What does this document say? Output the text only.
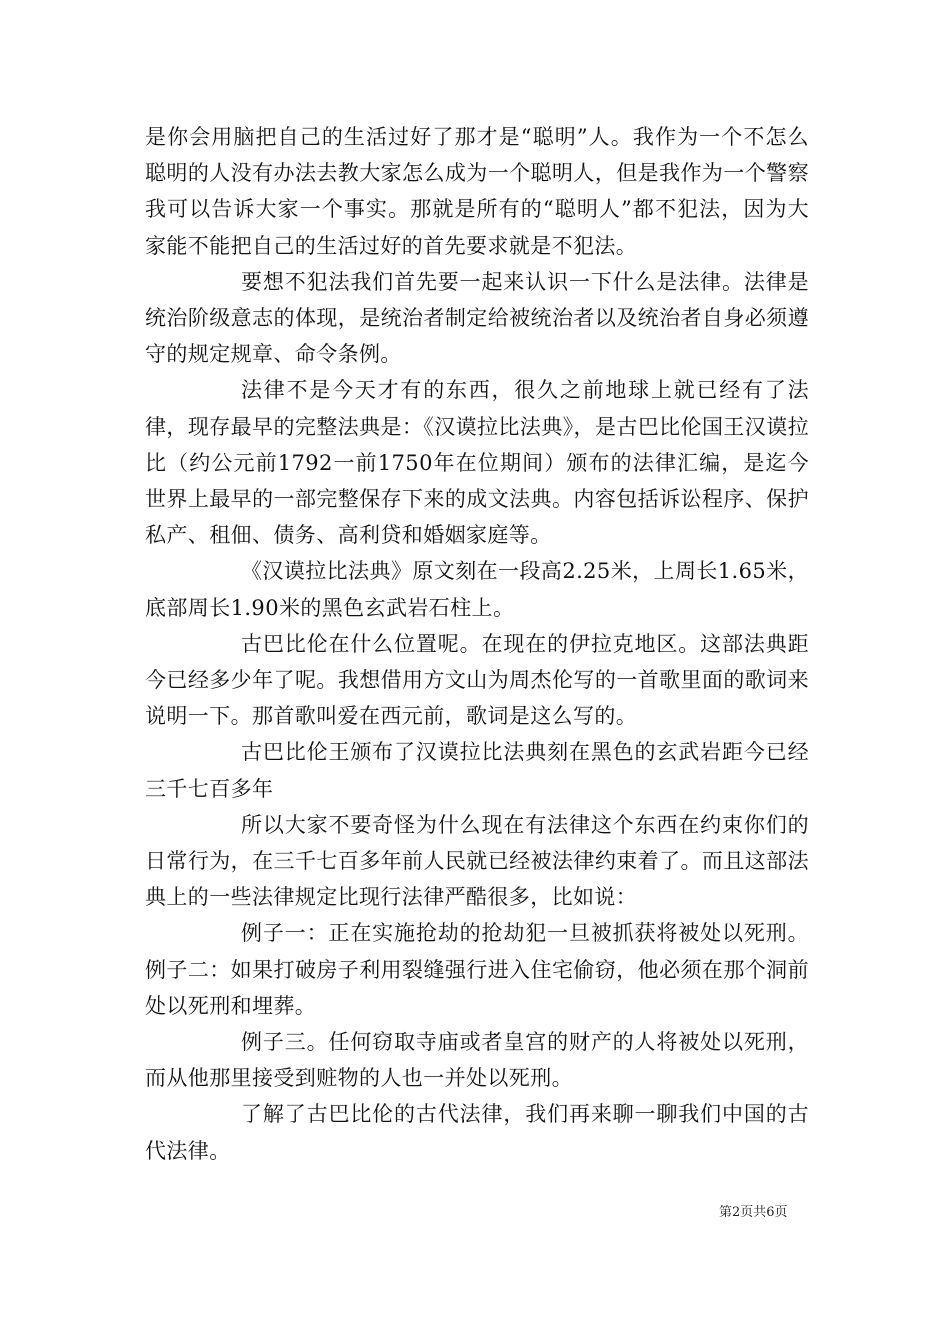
是你会用脑把自己的生活过好了那才是“聪明”人。我作为一个不怎么聪明的人没有办法去教大家怎么成为一个聪明人，但是我作为一个警察我可以告诉大家一个事实。那就是所有的“聪明人”都不犯法，因为大家能不能把自己的生活过好的首先要求就是不犯法。

要想不犯法我们首先要一起来认识一下什么是法律。法律是统治阶级意志的体现，是统治者制定给被统治者以及统治者自身必须遵守的规定规章、命令条例。

法律不是今天才有的东西，很久之前地球上就已经有了法律，现存最早的完整法典是：《汉谟拉比法典》，是古巴比伦国王汉谟拉比（约公元前1792一前1750年在位期间）颁布的法律汇编，是迄今世界上最早的一部完整保存下来的成文法典。内容包括诉讼程序、保护私产、租佃、债务、高利贷和婚姻家庭等。

《汉谟拉比法典》原文刻在一段高2.25米，上周长1.65米，底部周长1.90米的黑色玄武岩石柱上。

古巴比伦在什么位置呢。在现在的伊拉克地区。这部法典距今已经多少年了呢。我想借用方文山为周杰伦写的一首歌里面的歌词来说明一下。那首歌叫爱在西元前，歌词是这么写的。

古巴比伦王颁布了汉谟拉比法典刻在黑色的玄武岩距今已经三千七百多年

所以大家不要奇怪为什么现在有法律这个东西在约束你们的日常行为，在三千七百多年前人民就已经被法律约束着了。而且这部法典上的一些法律规定比现行法律严酷很多，比如说：

例子一：正在实施抢劫的抢劫犯一旦被抓获将被处以死刑。例子二：如果打破房子利用裂缝强行进入住宅偷窃，他必须在那个洞前处以死刑和埋葬。

例子三。任何窃取寺庙或者皇宫的财产的人将被处以死刑，而从他那里接受到赃物的人也一并处以死刑。

了解了古巴比伦的古代法律，我们再来聊一聊我们中国的古代法律。

第2页共6页
